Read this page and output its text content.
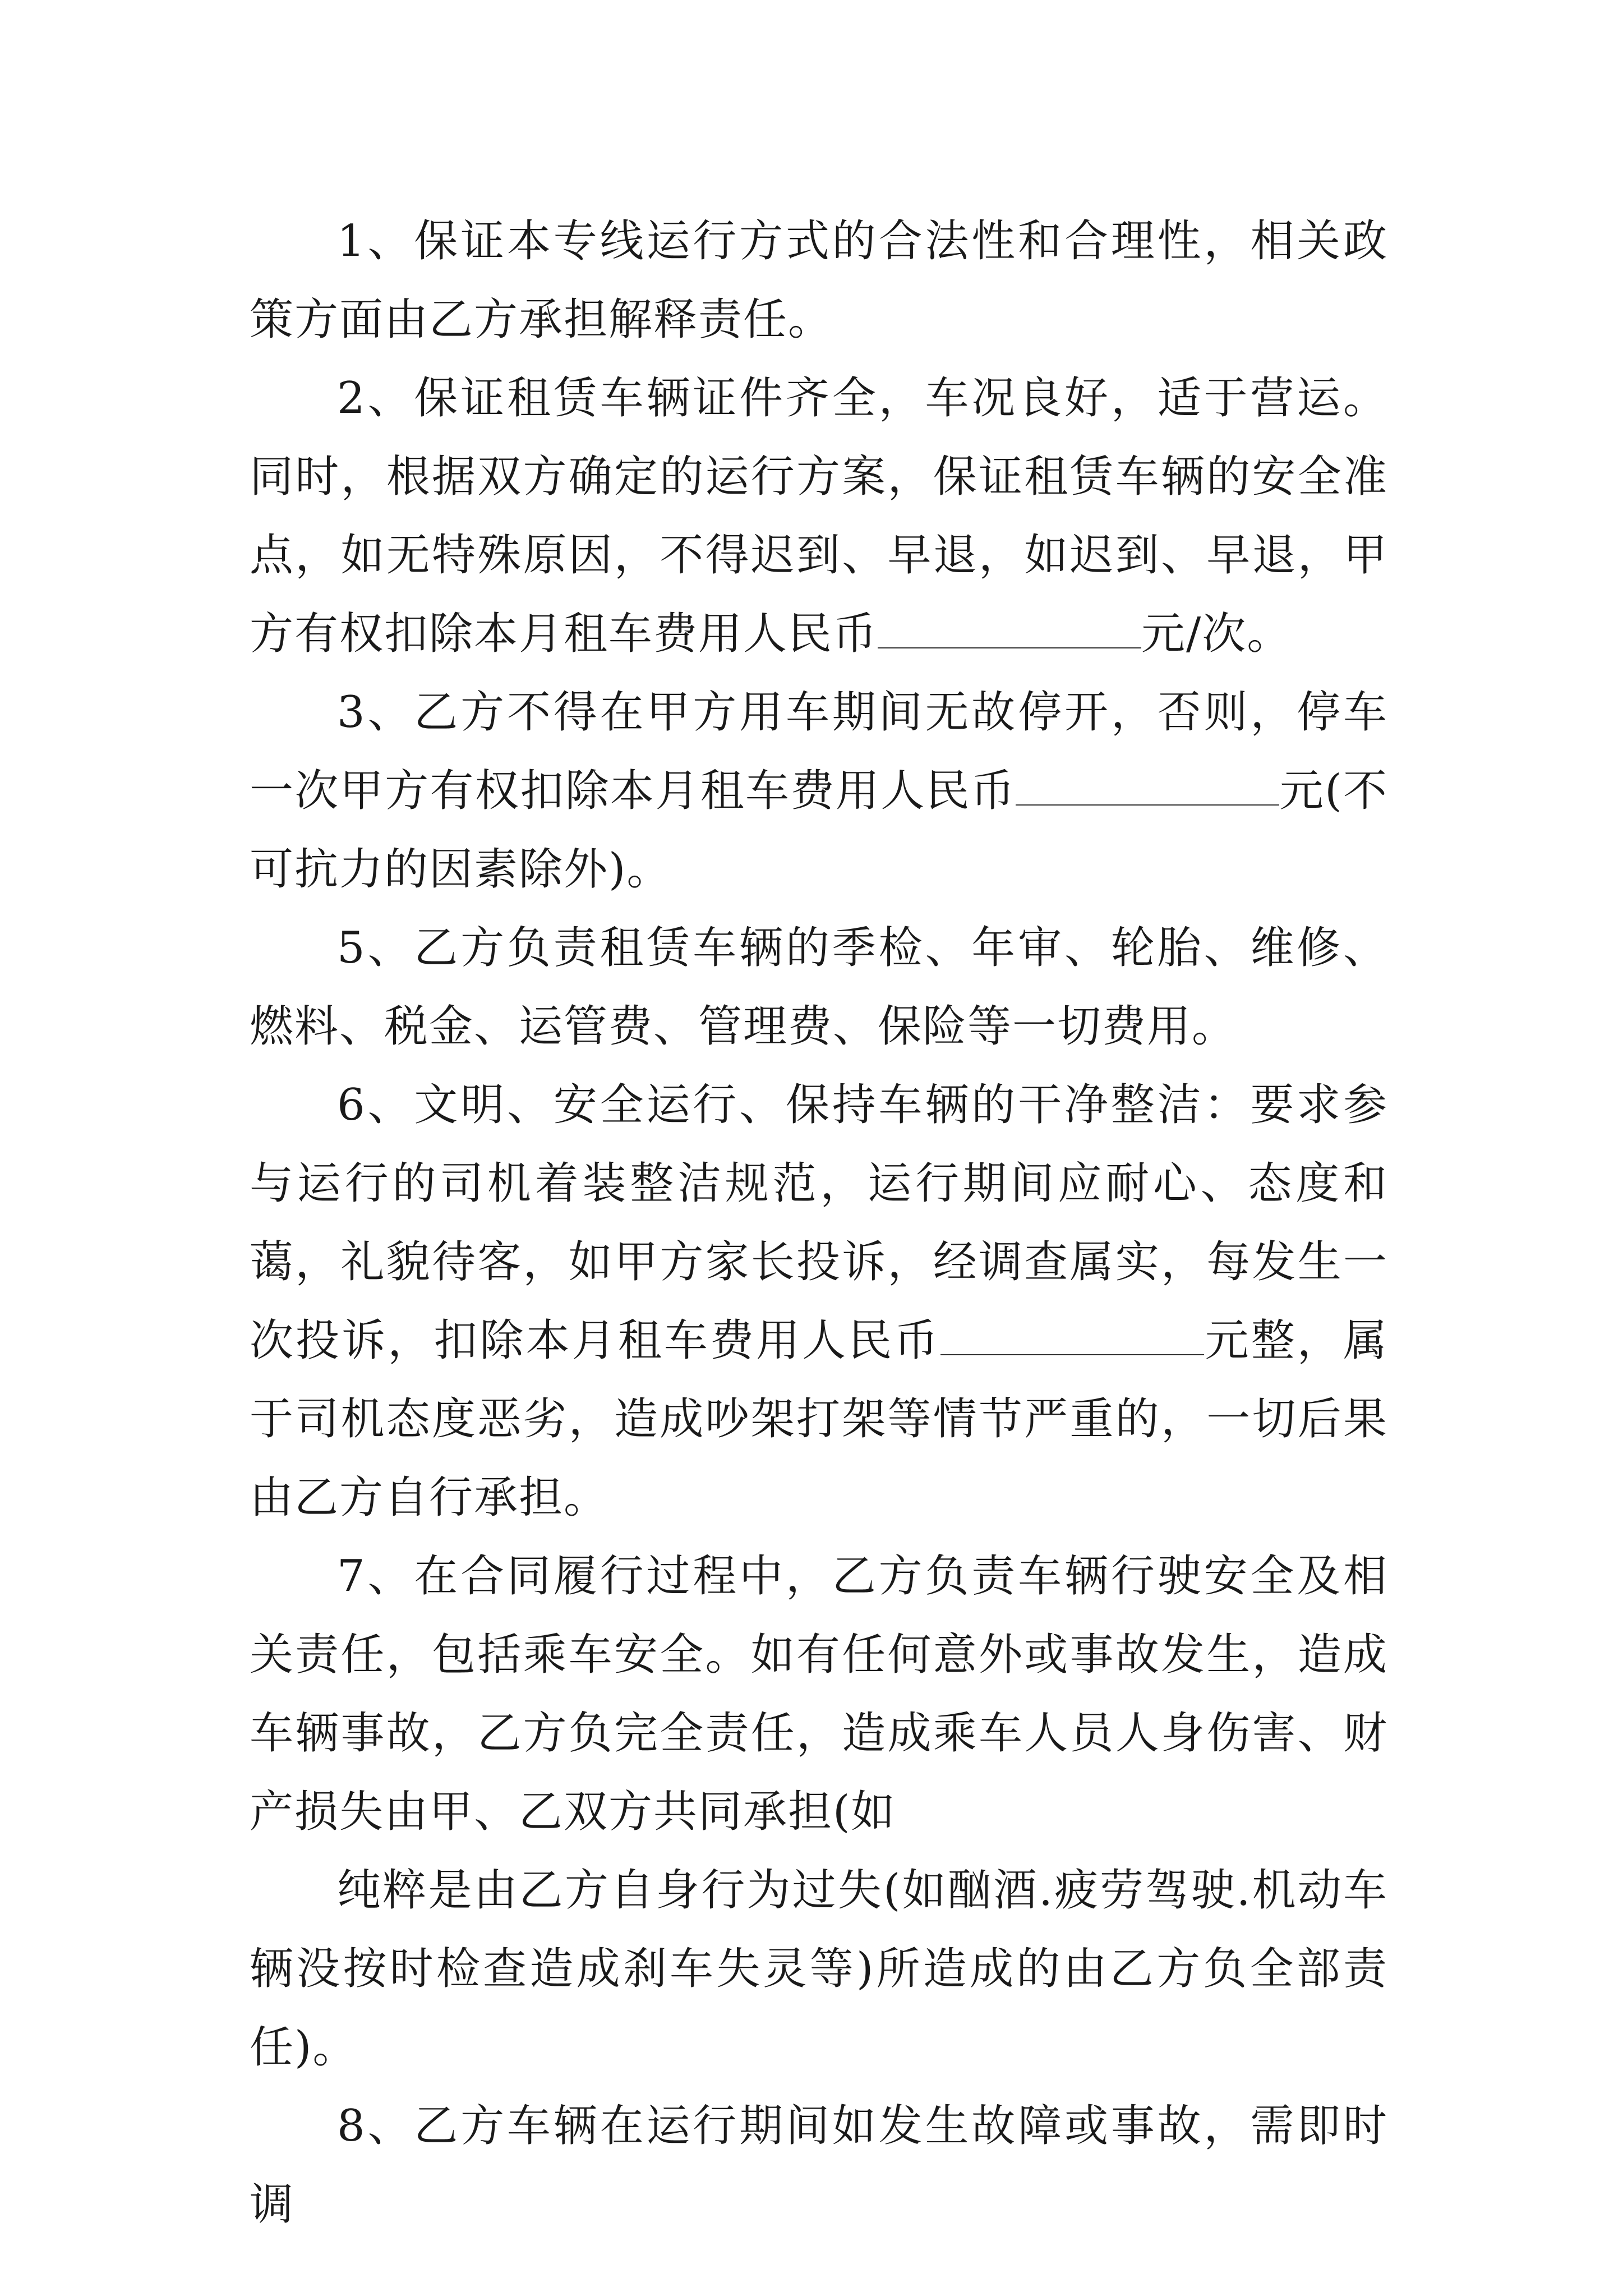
1、保证本专线运行方式的合法性和合理性，相关政策方面由乙方承担解释责任。

2、保证租赁车辆证件齐全，车况良好，适于营运。同时，根据双方确定的运行方案，保证租赁车辆的安全准点，如无特殊原因，不得迟到、早退，如迟到、早退，甲方有权扣除本月租车费用人民币	元/次。

3、乙方不得在甲方用车期间无故停开，否则，停车一次甲方有权扣除本月租车费用人民币	元(不可抗力的因素除外)。

5、乙方负责租赁车辆的季检、年审、轮胎、维修、燃料、税金、运管费、管理费、保险等一切费用。

6、文明、安全运行、保持车辆的干净整洁：要求参与运行的司机着装整洁规范，运行期间应耐心、态度和蔼，礼貌待客，如甲方家长投诉，经调查属实，每发生一次投诉，扣除本月租车费用人民币	元整，属于司机态度恶劣，造成吵架打架等情节严重的，一切后果由乙方自行承担。

7、在合同履行过程中，乙方负责车辆行驶安全及相关责任，包括乘车安全。如有任何意外或事故发生，造成车辆事故，乙方负完全责任，造成乘车人员人身伤害、财产损失由甲、乙双方共同承担(如

纯粹是由乙方自身行为过失(如酗酒.疲劳驾驶.机动车辆没按时检查造成刹车失灵等)所造成的由乙方负全部责任)。

8、乙方车辆在运行期间如发生故障或事故，需即时调
